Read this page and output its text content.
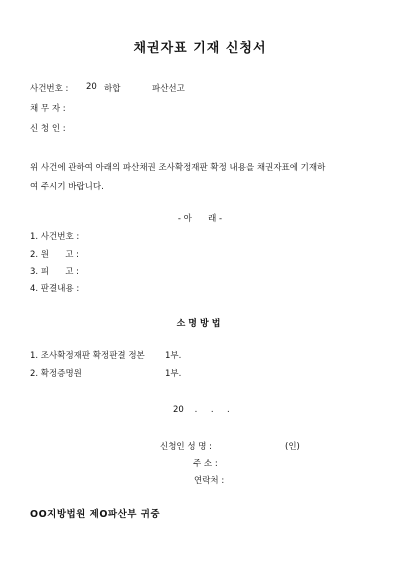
채권자표 기재 신청서
사건번호 : 20 하합	파산선고
채 무 자 :
신 청 인 :
위 사건에 관하여 아래의 파산채권 조사확정재판 확정 내용을 채권자표에 기재하
여 주시기 바랍니다.
- 아      래 -
1. 사건번호 :
2. 원      고 :
3. 피      고 :
4. 판결내용 :
소명방법
1. 조사확정재판 확정판결 정본 1부.
2. 확정증명원	1부.
20    .     .     .
신청인 성 명 :	(인)
주 소 :
연락처 :
OO지방법원 제O파산부 귀중
